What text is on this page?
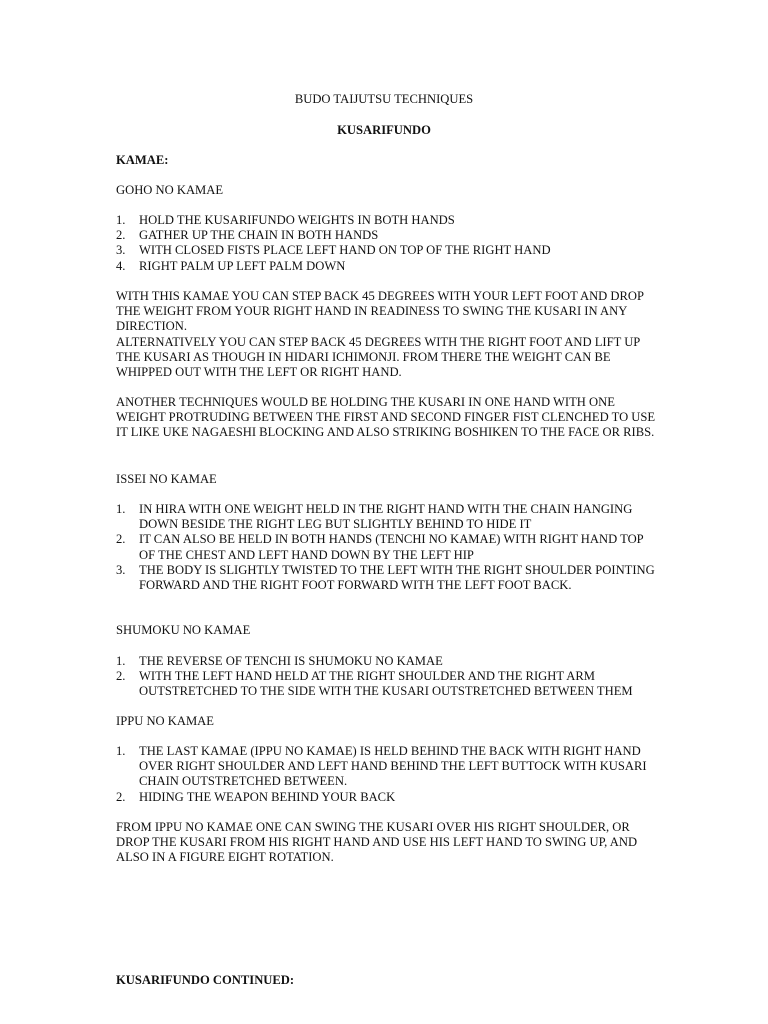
BUDO TAIJUTSU TECHNIQUES

KUSARIFUNDO

KAMAE:

GOHO NO KAMAE

1. HOLD THE KUSARIFUNDO WEIGHTS IN BOTH HANDS
2. GATHER UP THE CHAIN IN BOTH HANDS
3. WITH CLOSED FISTS PLACE LEFT HAND ON TOP OF THE RIGHT HAND
4. RIGHT PALM UP LEFT PALM DOWN
WITH THIS KAMAE YOU CAN STEP BACK 45 DEGREES WITH YOUR LEFT FOOT AND DROP THE WEIGHT FROM YOUR RIGHT HAND IN READINESS TO SWING THE KUSARI IN ANY DIRECTION.
ALTERNATIVELY YOU CAN STEP BACK 45 DEGREES WITH THE RIGHT FOOT AND LIFT UP THE KUSARI AS THOUGH IN HIDARI ICHIMONJI. FROM THERE THE WEIGHT CAN BE WHIPPED OUT WITH THE LEFT OR RIGHT HAND.

ANOTHER TECHNIQUES WOULD BE HOLDING THE KUSARI IN ONE HAND WITH ONE WEIGHT PROTRUDING BETWEEN THE FIRST AND SECOND FINGER FIST CLENCHED TO USE IT LIKE UKE NAGAESHI BLOCKING AND ALSO STRIKING BOSHIKEN TO THE FACE OR RIBS.

ISSEI NO KAMAE

1. IN HIRA WITH ONE WEIGHT HELD IN THE RIGHT HAND WITH THE CHAIN HANGING DOWN BESIDE THE RIGHT LEG BUT SLIGHTLY BEHIND TO HIDE IT
2. IT CAN ALSO BE HELD IN BOTH HANDS (TENCHI NO KAMAE) WITH RIGHT HAND TOP OF THE CHEST AND LEFT HAND DOWN BY THE LEFT HIP
3. THE BODY IS SLIGHTLY TWISTED TO THE LEFT WITH THE RIGHT SHOULDER POINTING FORWARD AND THE RIGHT FOOT FORWARD WITH THE LEFT FOOT BACK.

SHUMOKU NO KAMAE

1. THE REVERSE OF TENCHI IS SHUMOKU NO KAMAE
2. WITH THE LEFT HAND HELD AT THE RIGHT SHOULDER AND THE RIGHT ARM OUTSTRETCHED TO THE SIDE WITH THE KUSARI OUTSTRETCHED BETWEEN THEM

IPPU NO KAMAE

1. THE LAST KAMAE (IPPU NO KAMAE) IS HELD BEHIND THE BACK WITH RIGHT HAND OVER RIGHT SHOULDER AND LEFT HAND BEHIND THE LEFT BUTTOCK WITH KUSARI CHAIN OUTSTRETCHED BETWEEN.
2. HIDING THE WEAPON BEHIND YOUR BACK

FROM IPPU NO KAMAE ONE CAN SWING THE KUSARI OVER HIS RIGHT SHOULDER, OR DROP THE KUSARI FROM HIS RIGHT HAND AND USE HIS LEFT HAND TO SWING UP, AND ALSO IN A FIGURE EIGHT ROTATION.

KUSARIFUNDO CONTINUED:
